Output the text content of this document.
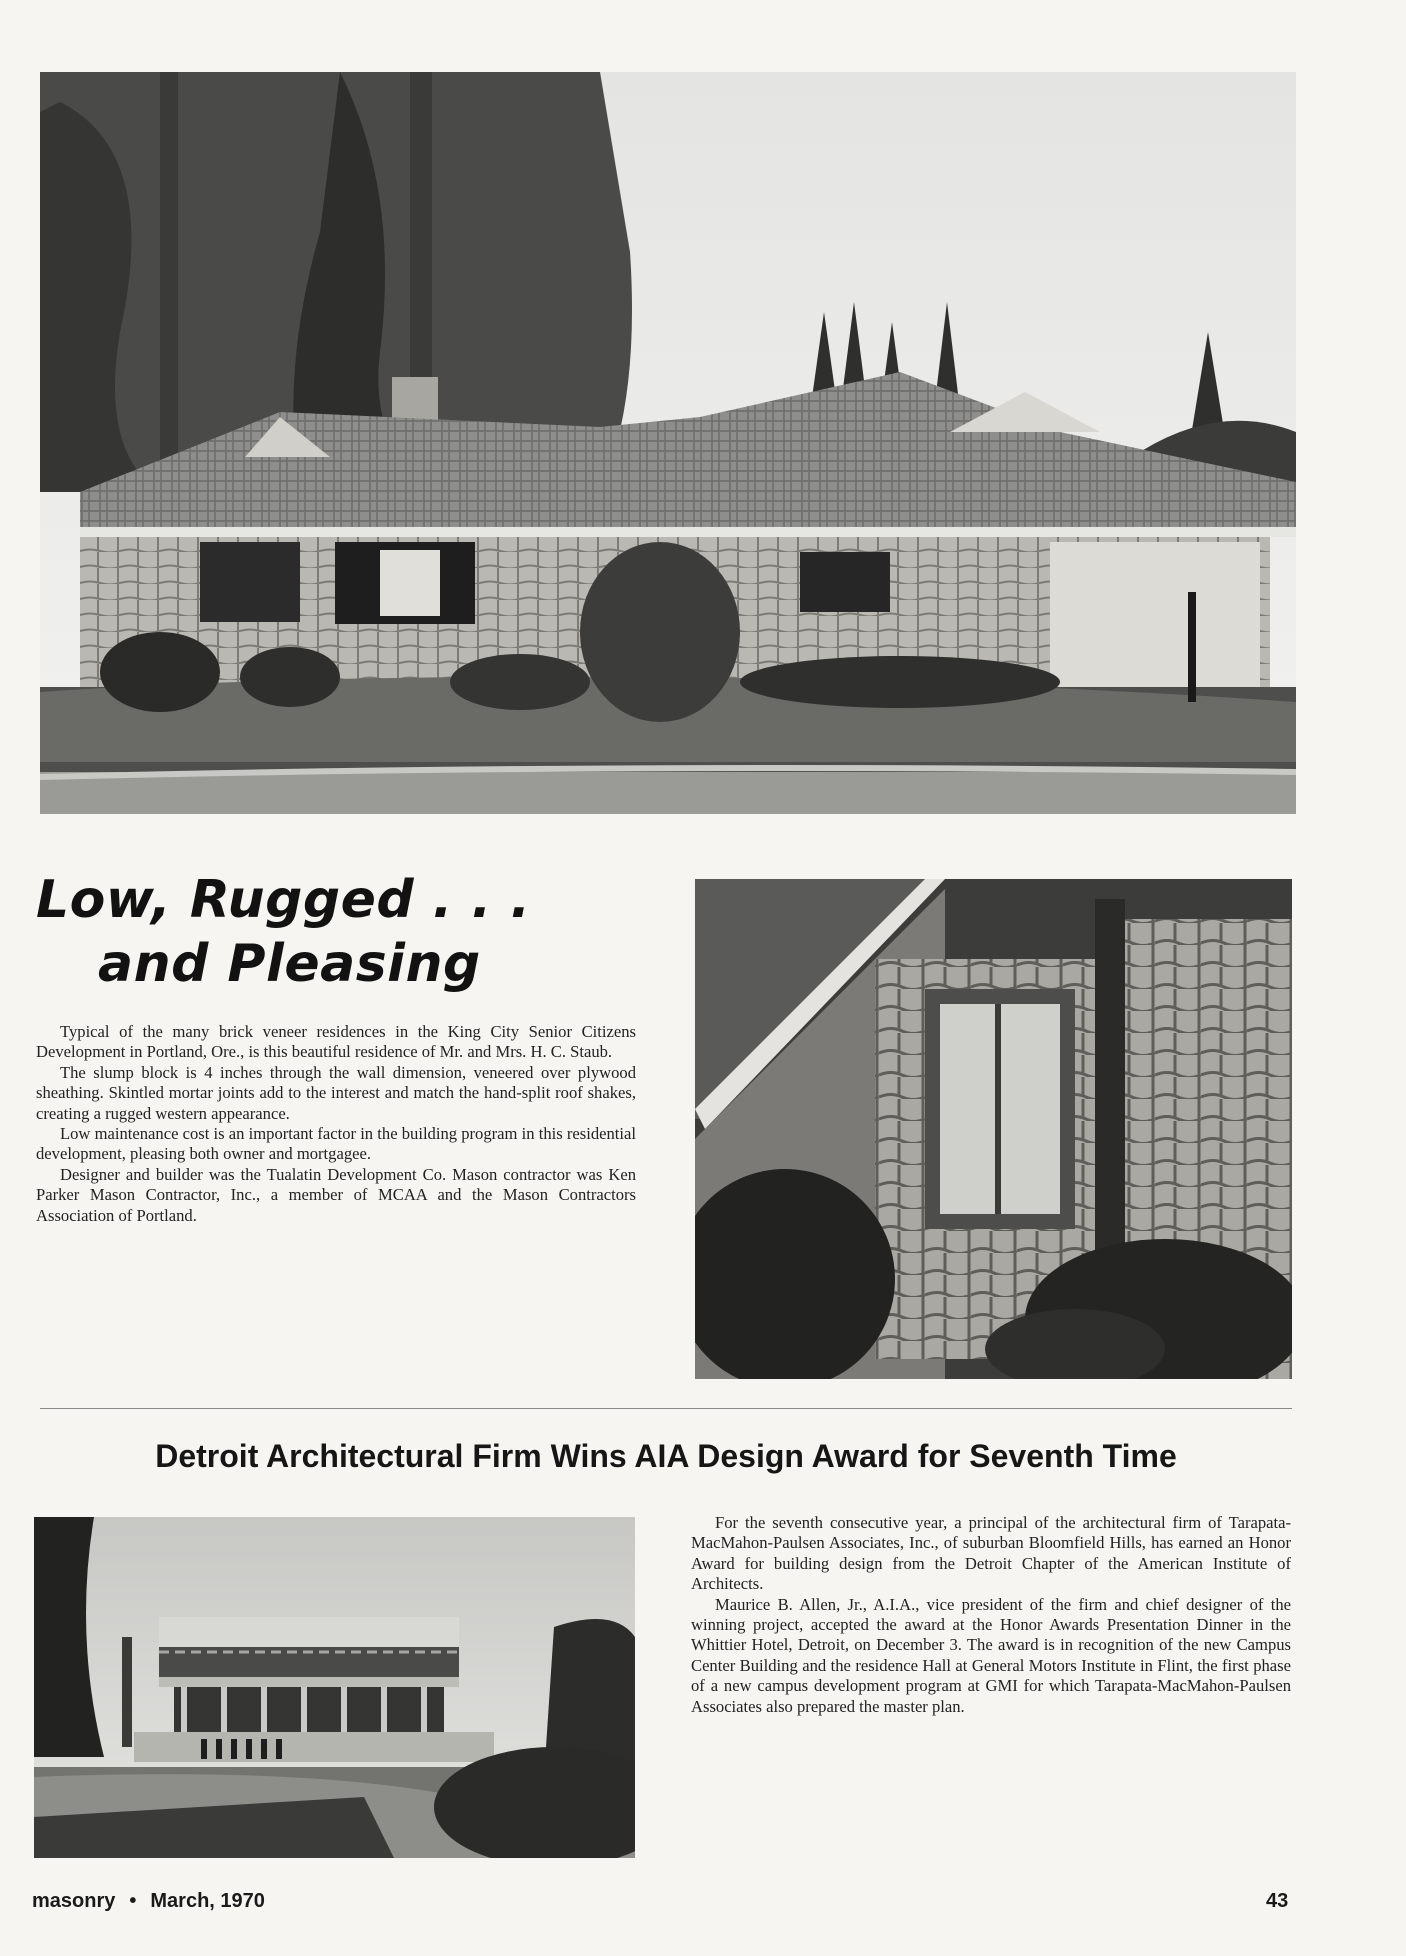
Low, Rugged . . .
and Pleasing

Typical of the many brick veneer residences in the King City Senior Citizens Development in Portland, Ore., is this beautiful residence of Mr. and Mrs. H. C. Staub.

The slump block is 4 inches through the wall dimension, veneered over plywood sheathing. Skintled mortar joints add to the interest and match the hand-split roof shakes, creating a rugged western appearance.

Low maintenance cost is an important factor in the building program in this residential development, pleasing both owner and mortgagee.

Designer and builder was the Tualatin Development Co. Mason contractor was Ken Parker Mason Contractor, Inc., a member of MCAA and the Mason Contractors Association of Portland.

Detroit Architectural Firm Wins AIA Design Award for Seventh Time

For the seventh consecutive year, a principal of the architectural firm of Tarapata-MacMahon-Paulsen Associates, Inc., of suburban Bloomfield Hills, has earned an Honor Award for building design from the Detroit Chapter of the American Institute of Architects.

Maurice B. Allen, Jr., A.I.A., vice president of the firm and chief designer of the winning project, accepted the award at the Honor Awards Presentation Dinner in the Whittier Hotel, Detroit, on December 3. The award is in recognition of the new Campus Center Building and the residence Hall at General Motors Institute in Flint, the first phase of a new campus development program at GMI for which Tarapata-MacMahon-Paulsen Associates also prepared the master plan.

masonry • March, 1970	43
